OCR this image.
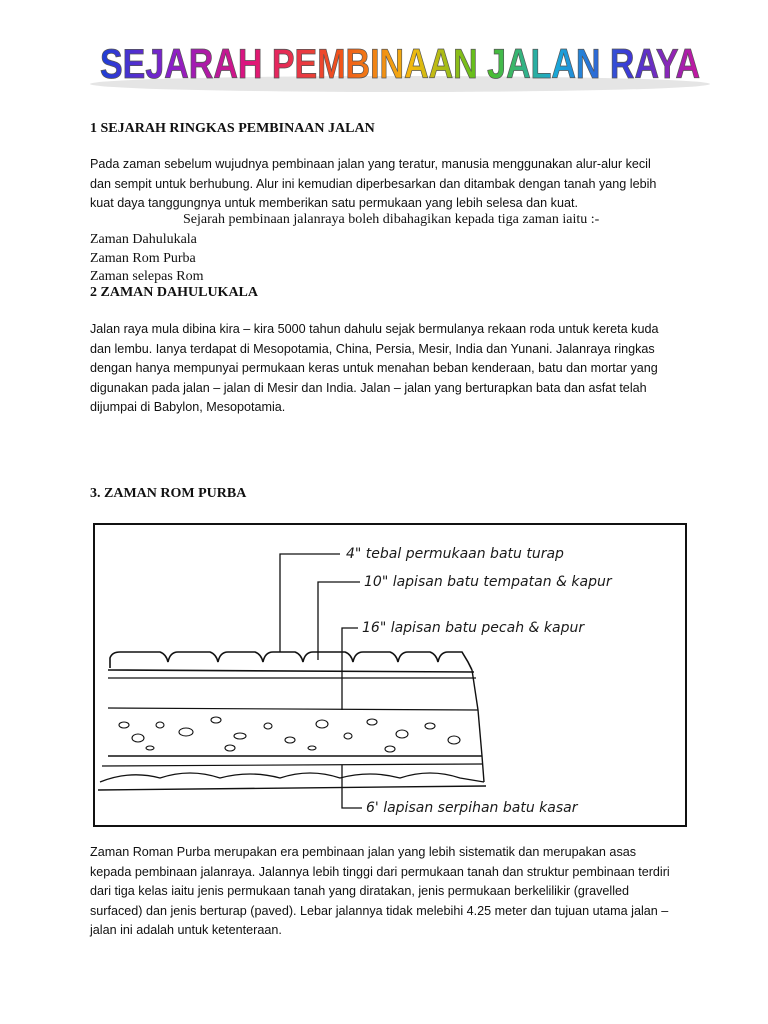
SEJARAH PEMBINAAN JALAN RAYA
1 SEJARAH RINGKAS PEMBINAAN JALAN
Pada zaman sebelum wujudnya pembinaan jalan yang teratur, manusia menggunakan alur-alur kecil
dan sempit untuk berhubung. Alur ini kemudian diperbesarkan dan ditambak dengan tanah yang lebih
kuat daya tanggungnya untuk memberikan satu permukaan yang lebih selesa dan kuat.

Sejarah pembinaan jalanraya boleh dibahagikan kepada tiga zaman iaitu :-

Zaman Dahulukala
Zaman Rom Purba
Zaman selepas Rom
2 ZAMAN DAHULUKALA
Jalan raya mula dibina kira – kira 5000 tahun dahulu sejak bermulanya rekaan roda untuk kereta kuda
dan lembu. Ianya terdapat di Mesopotamia, China, Persia, Mesir, India dan Yunani. Jalanraya ringkas
dengan hanya mempunyai permukaan keras untuk menahan beban kenderaan, batu dan mortar yang
digunakan pada jalan – jalan di Mesir dan India. Jalan – jalan yang berturapkan bata dan asfat telah
dijumpai di Babylon, Mesopotamia.
3. ZAMAN ROM PURBA
4" tebal permukaan batu turap
10" lapisan batu tempatan & kapur
16" lapisan batu pecah & kapur
6' lapisan serpihan batu kasar
Zaman Roman Purba merupakan era pembinaan jalan yang lebih sistematik dan merupakan asas
kepada pembinaan jalanraya. Jalannya lebih tinggi dari permukaan tanah dan struktur pembinaan terdiri
dari tiga kelas iaitu jenis permukaan tanah yang diratakan, jenis permukaan berkelilikir (gravelled
surfaced) dan jenis berturap (paved). Lebar jalannya tidak melebihi 4.25 meter dan tujuan utama jalan –
jalan ini adalah untuk ketenteraan.
